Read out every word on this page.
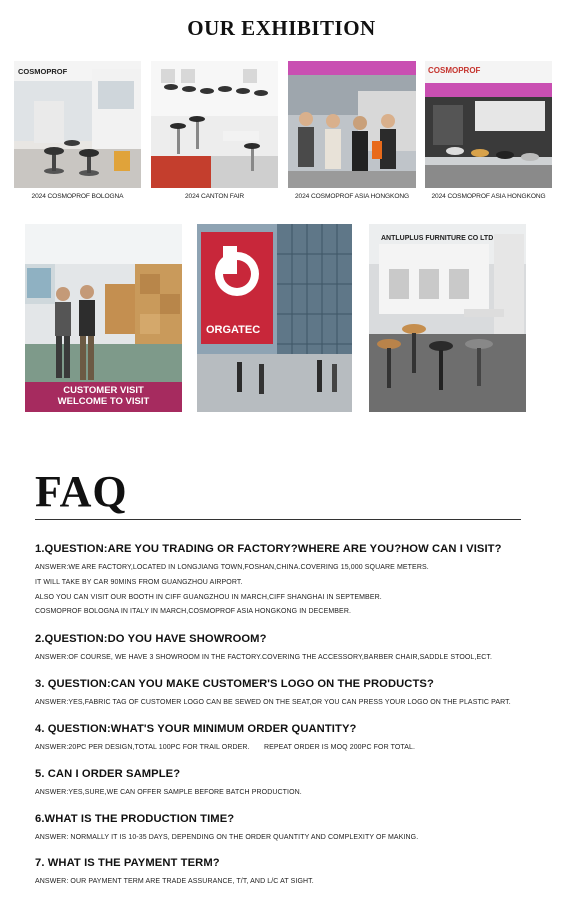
OUR EXHIBITION
COSMOPROF
2024 COSMOPROF BOLOGNA	2024 CANTON FAIR	2024 COSMOPROF ASIA HONGKONG
COSMOPROF
2024 COSMOPROF ASIA HONGKONG
CUSTOMER VISIT
WELCOME TO VISIT
ORGATEC
ANTLUPLUS FURNITURE CO LTD
FAQ
1.QUESTION:ARE YOU TRADING OR FACTORY?WHERE ARE YOU?HOW CAN I VISIT?
ANSWER:WE ARE FACTORY,LOCATED IN LONGJIANG TOWN,FOSHAN,CHINA.COVERING 15,000 SQUARE METERS.
IT WILL TAKE BY CAR 90MINS FROM GUANGZHOU AIRPORT.
ALSO YOU CAN VISIT OUR BOOTH IN CIFF GUANGZHOU IN MARCH,CIFF SHANGHAI IN SEPTEMBER.
COSMOPROF BOLOGNA IN ITALY IN MARCH,COSMOPROF ASIA HONGKONG IN DECEMBER.
2.QUESTION:DO YOU HAVE SHOWROOM?
ANSWER:OF COURSE, WE HAVE 3 SHOWROOM IN THE FACTORY.COVERING THE ACCESSORY,BARBER CHAIR,SADDLE STOOL,ECT.
3. QUESTION:CAN YOU MAKE CUSTOMER'S LOGO ON THE PRODUCTS?
ANSWER:YES,FABRIC TAG OF CUSTOMER LOGO CAN BE SEWED ON THE SEAT,OR YOU CAN PRESS YOUR LOGO ON THE PLASTIC PART.
4. QUESTION:WHAT'S YOUR MINIMUM ORDER QUANTITY?
ANSWER:20PC PER DESIGN,TOTAL 100PC FOR TRAIL ORDER.       REPEAT ORDER IS MOQ 200PC FOR TOTAL.
5. CAN I ORDER SAMPLE?
ANSWER:YES,SURE,WE CAN OFFER SAMPLE BEFORE BATCH PRODUCTION.
6.WHAT IS THE PRODUCTION TIME?
ANSWER: NORMALLY IT IS 10-35 DAYS, DEPENDING ON THE ORDER QUANTITY AND COMPLEXITY OF MAKING.
7. WHAT IS THE PAYMENT TERM?
ANSWER: OUR PAYMENT TERM ARE TRADE ASSURANCE, T/T, AND L/C AT SIGHT.
